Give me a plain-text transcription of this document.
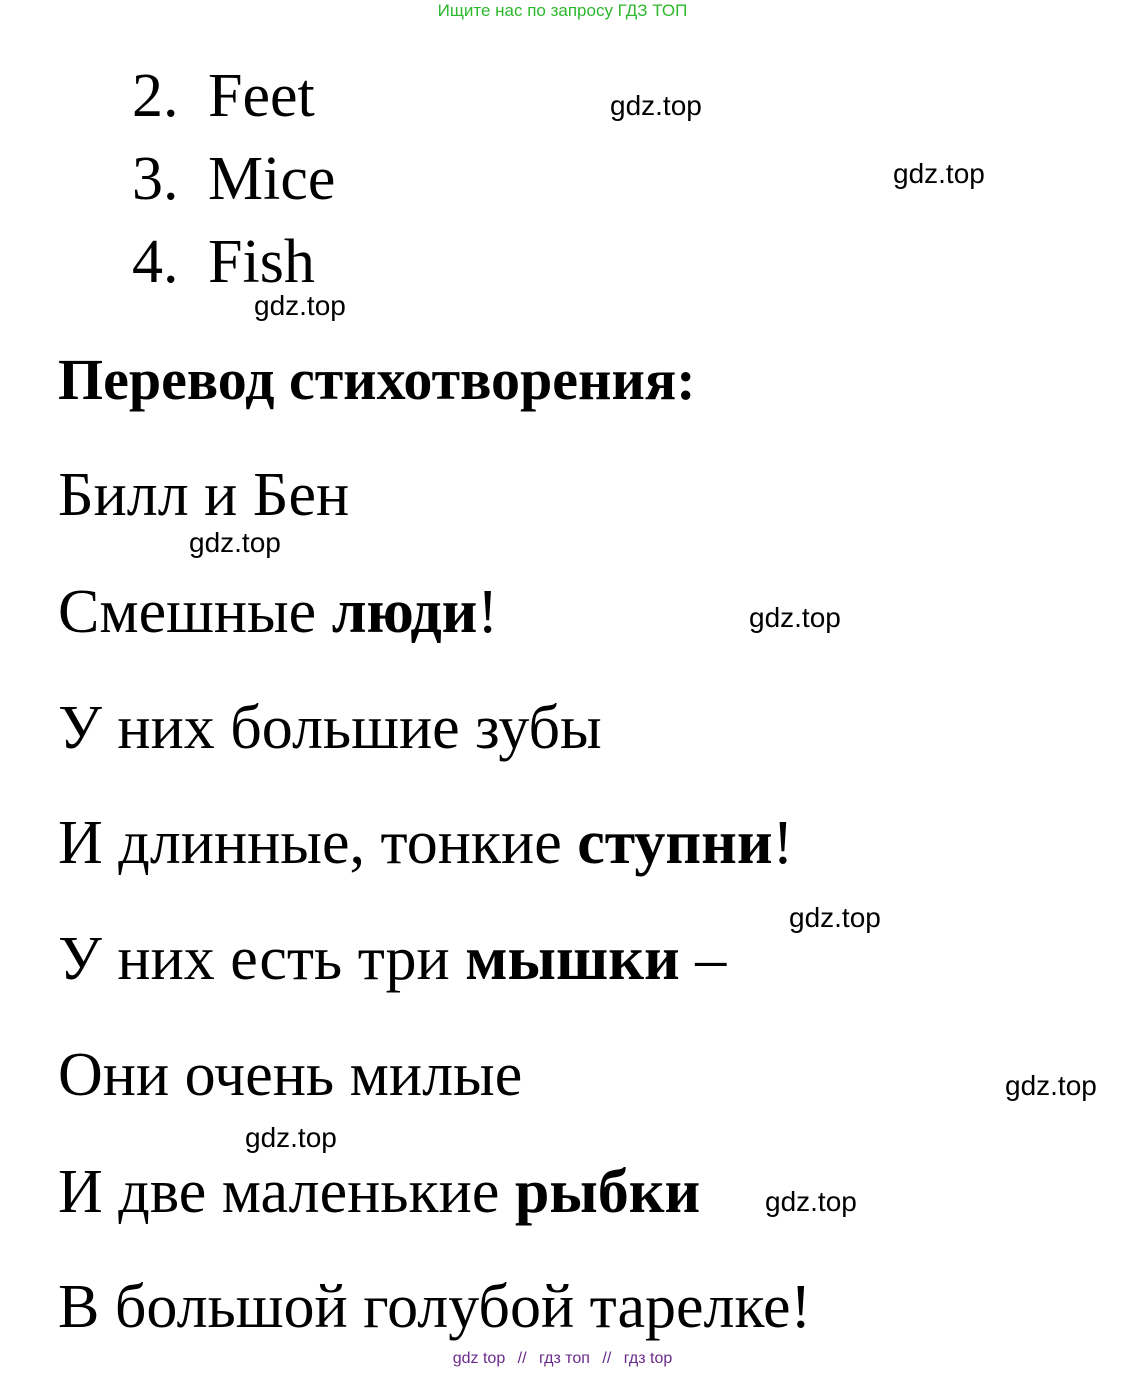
Ищите нас по запросу ГДЗ ТОП
2. Feet
3. Mice
4. Fish
Перевод стихотворения:
Билл и Бен
Смешные люди!
У них большие зубы
И длинные, тонкие ступни!
У них есть три мышки –
Они очень милые
И две маленькие рыбки
В большой голубой тарелке!
gdz.top
gdz.top
gdz.top
gdz.top
gdz.top
gdz.top
gdz.top
gdz.top
gdz.top
gdz top // гдз топ // гдз top
